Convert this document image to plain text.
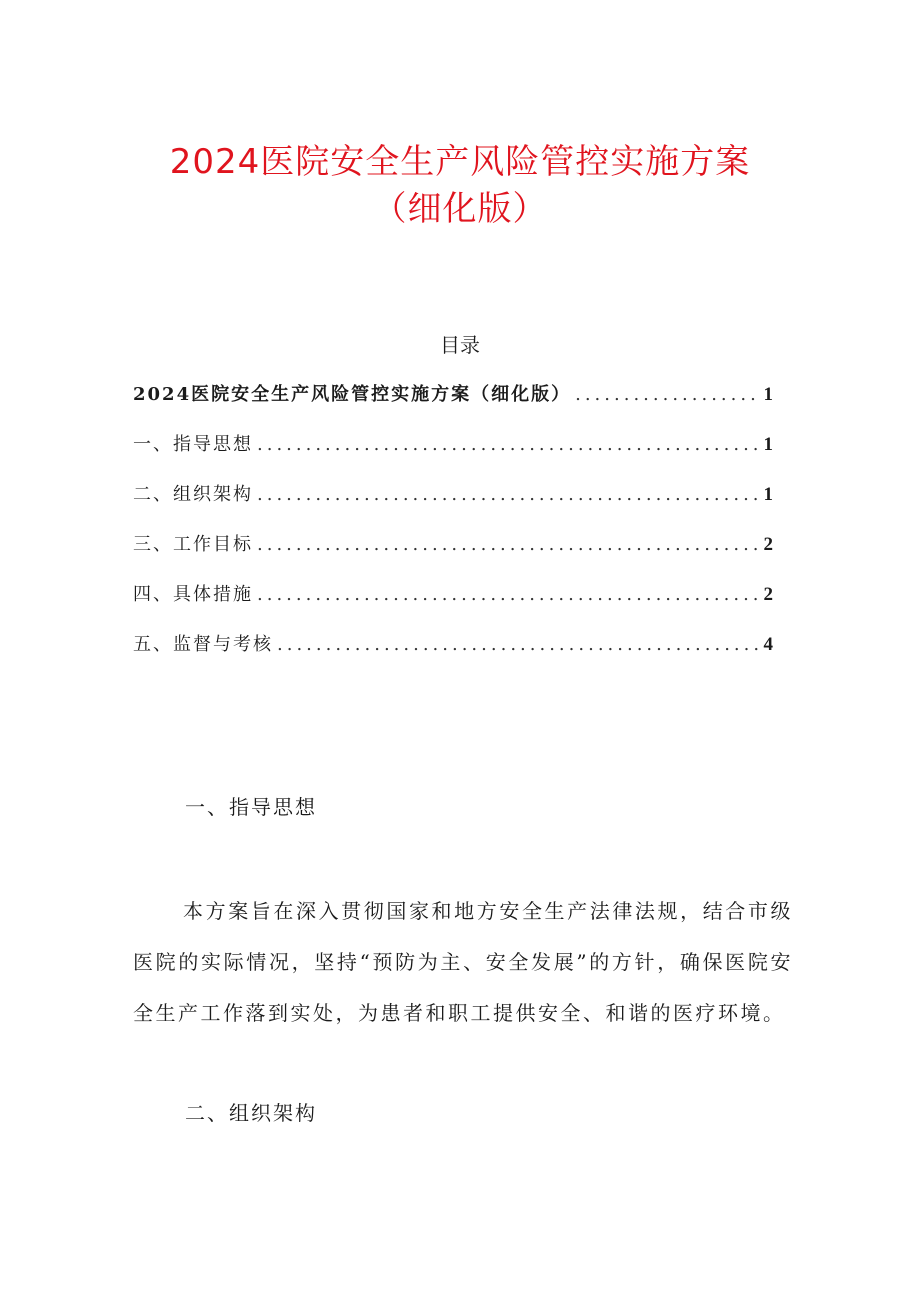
2024医院安全生产风险管控实施方案
（细化版）
目录
2024医院安全生产风险管控实施方案（细化版） .....	1
一、指导思想 .....	1
二、组织架构 .....	1
三、工作目标 .....	2
四、具体措施 .....	2
五、监督与考核 .....	4
一、指导思想

本方案旨在深入贯彻国家和地方安全生产法律法规，结合市级医院的实际情况，坚持“预防为主、安全发展”的方针，确保医院安全生产工作落到实处，为患者和职工提供安全、和谐的医疗环境。

二、组织架构
